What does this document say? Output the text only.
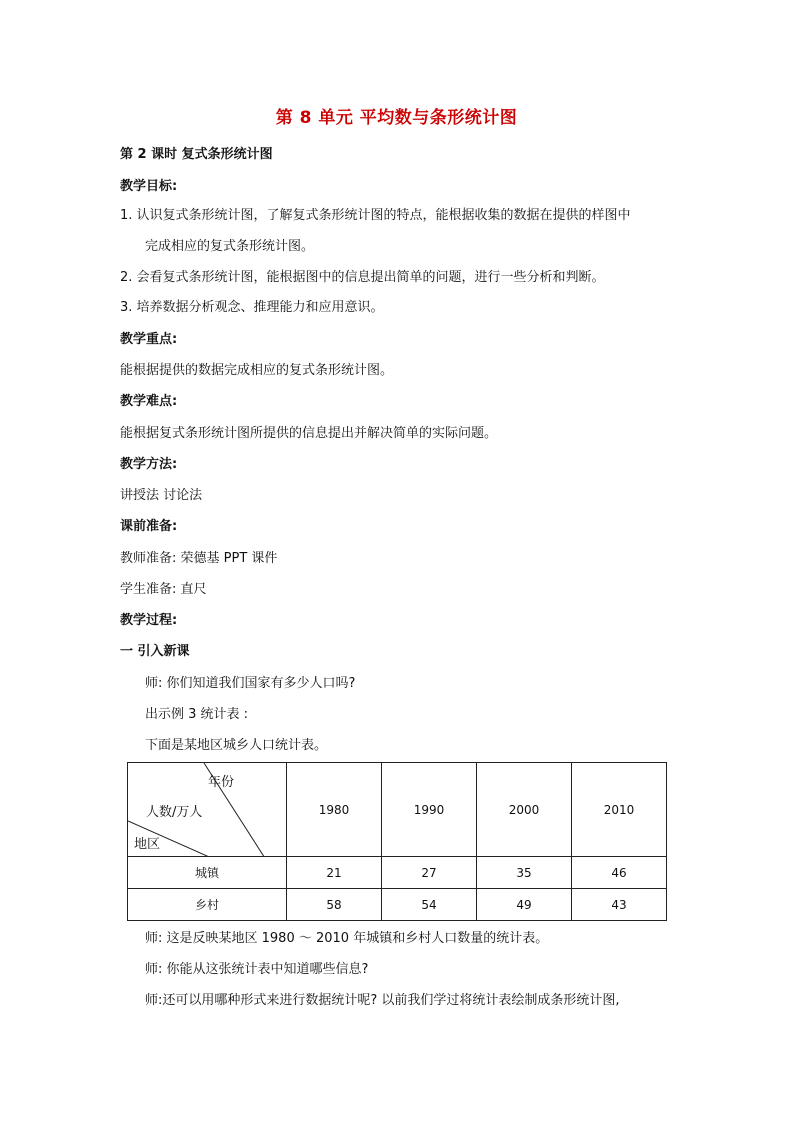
第 8 单元 平均数与条形统计图
第 2 课时 复式条形统计图
教学目标:
1. 认识复式条形统计图，了解复式条形统计图的特点，能根据收集的数据在提供的样图中
完成相应的复式条形统计图。
2. 会看复式条形统计图，能根据图中的信息提出简单的问题，进行一些分析和判断。
3. 培养数据分析观念、推理能力和应用意识。
教学重点:
能根据提供的数据完成相应的复式条形统计图。
教学难点:
能根据复式条形统计图所提供的信息提出并解决简单的实际问题。
教学方法:
讲授法 讨论法
课前准备:
教师准备: 荣德基 PPT 课件
学生准备: 直尺
教学过程:
一 引入新课
师: 你们知道我们国家有多少人口吗?
出示例 3 统计表 :
下面是某地区城乡人口统计表。
年份
人数/万人
地区	1980	1990	2000	2010
城镇	21	27	35	46
乡村	58	54	49	43
师: 这是反映某地区 1980 ～ 2010 年城镇和乡村人口数量的统计表。
师: 你能从这张统计表中知道哪些信息?
师:还可以用哪种形式来进行数据统计呢? 以前我们学过将统计表绘制成条形统计图,
